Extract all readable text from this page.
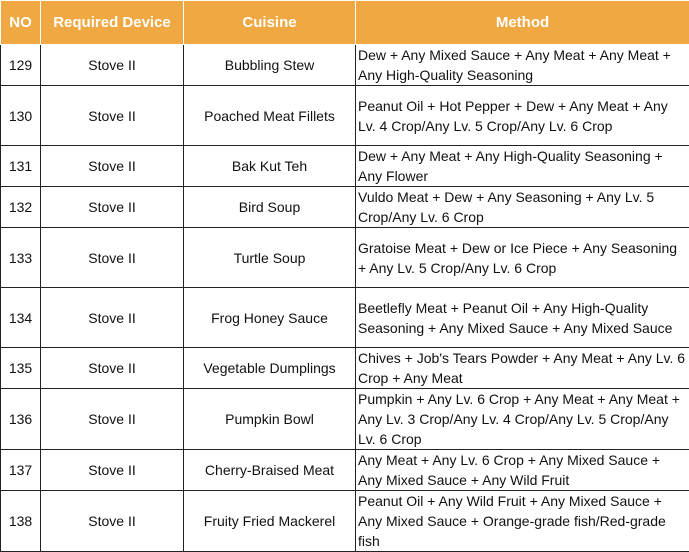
NO	Required Device	Cuisine	Method
129	Stove II	Bubbling Stew	Dew + Any Mixed Sauce + Any Meat + Any Meat + Any High-Quality Seasoning
130	Stove II	Poached Meat Fillets	Peanut Oil + Hot Pepper + Dew + Any Meat + Any Lv. 4 Crop/Any Lv. 5 Crop/Any Lv. 6 Crop
131	Stove II	Bak Kut Teh	Dew + Any Meat + Any High-Quality Seasoning + Any Flower
132	Stove II	Bird Soup	Vuldo Meat + Dew + Any Seasoning + Any Lv. 5 Crop/Any Lv. 6 Crop
133	Stove II	Turtle Soup	Gratoise Meat + Dew or Ice Piece + Any Seasoning + Any Lv. 5 Crop/Any Lv. 6 Crop
134	Stove II	Frog Honey Sauce	Beetlefly Meat + Peanut Oil + Any High-Quality Seasoning + Any Mixed Sauce + Any Mixed Sauce
135	Stove II	Vegetable Dumplings	Chives + Job's Tears Powder + Any Meat + Any Lv. 6 Crop + Any Meat
136	Stove II	Pumpkin Bowl	Pumpkin + Any Lv. 6 Crop + Any Meat + Any Meat + Any Lv. 3 Crop/Any Lv. 4 Crop/Any Lv. 5 Crop/Any Lv. 6 Crop
137	Stove II	Cherry-Braised Meat	Any Meat + Any Lv. 6 Crop + Any Mixed Sauce + Any Mixed Sauce + Any Wild Fruit
138	Stove II	Fruity Fried Mackerel	Peanut Oil + Any Wild Fruit + Any Mixed Sauce + Any Mixed Sauce + Orange-grade fish/Red-grade fish
